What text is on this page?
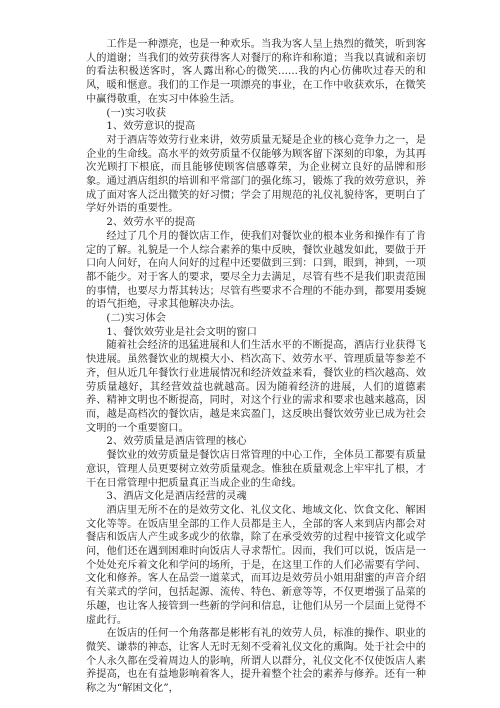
工作是一种漂亮，也是一种欢乐。当我为客人呈上热烈的微笑，听到客人的道谢；当我们的效劳获得客人对餐厅的称许和称道；当我以真诚和亲切的看法积极送客时，客人露出称心的微笑......我的内心仿佛吹过春天的和风，暖和惬意。我们的工作是一项漂亮的事业，在工作中收获欢乐，在微笑中赢得敬重，在实习中体验生活。

(一)实习收获

1、效劳意识的提高

对于酒店等效劳行业来讲，效劳质量无疑是企业的核心竞争力之一，是企业的生命线。高水平的效劳质量不仅能够为顾客留下深刻的印象，为其再次光顾打下根底，而且能够使顾客信感尊荣，为企业树立良好的品牌和形象。通过酒店组织的培训和平常部门的强化练习，锻炼了我的效劳意识，养成了面对客人泛出微笑的好习惯；学会了用规范的礼仪礼貌待客，更明白了学好外语的重要性。

2、效劳水平的提高

经过了几个月的餐饮店工作，使我们对餐饮业的根本业务和操作有了肯定的了解。礼貌是一个人综合素养的集中反映，餐饮业越发如此，要做于开口向人问好，在向人问好的过程中还要做到三到：口到，眼到，神到，一项都不能少。对于客人的要求，要尽全力去满足，尽管有些不是我们职责范围的事情，也要尽力帮其转达；尽管有些要求不合理的不能办到，都要用委婉的语气拒绝，寻求其他解决办法。

(二)实习体会

1、餐饮效劳业是社会文明的窗口

随着社会经济的迅猛进展和人们生活水平的不断提高，酒店行业获得飞快进展。虽然餐饮业的规模大小、档次高下、效劳水平、管理质量等参差不齐，但从近几年餐饮行业进展情况和经济效益来看，餐饮业的档次越高、效劳质量越好，其经营效益也就越高。因为随着经济的进展，人们的道德素养、精神文明也不断提高，同时，对这个行业的需求和要求也越来越高，因而，越是高档次的餐饮店，越是来宾盈门，这反映出餐饮效劳业已成为社会文明的一个重要窗口。

2、效劳质量是酒店管理的核心

餐饮业的效劳质量是餐饮店日常管理的中心工作，全体员工都要有质量意识，管理人员更要树立效劳质量观念。惟独在质量观念上牢牢扎了根，才干在日常管理中把质量真正当成企业的生命线。

3、酒店文化是酒店经营的灵魂

酒店里无所不在的是效劳文化、礼仪文化、地域文化、饮食文化、解困文化等等。在饭店里全部的工作人员都是主人，全部的客人来到店内都会对餐店和饭店人产生或多或少的依靠，除了在承受效劳的过程中接管文化或学问，他们还在遇到困难时向饭店人寻求帮忙。因而，我们可以说，饭店是一个处处充斥着文化和学问的场所，于是，在这里工作的人们必需要有学问、文化和修养。客人在品尝一道菜式，而耳边是效劳员小姐用甜蜜的声音介绍有关菜式的学问，包括起源、流传、特色、新意等等，不仅更增强了品菜的乐趣，也让客人接管到一些新的学问和信息，让他们从另一个层面上觉得不虚此行。

在饭店的任何一个角落都是彬彬有礼的效劳人员，标准的操作、职业的微笑、谦恭的神态，让客人无时无刻不受着礼仪文化的熏陶。处于社会中的个人永久都在受着周边人的影响，所谓人以群分，礼仪文化不仅使饭店人素养提高，也在有益地影响着客人，提升着整个社会的素养与修养。还有一种称之为“解困文化”，
